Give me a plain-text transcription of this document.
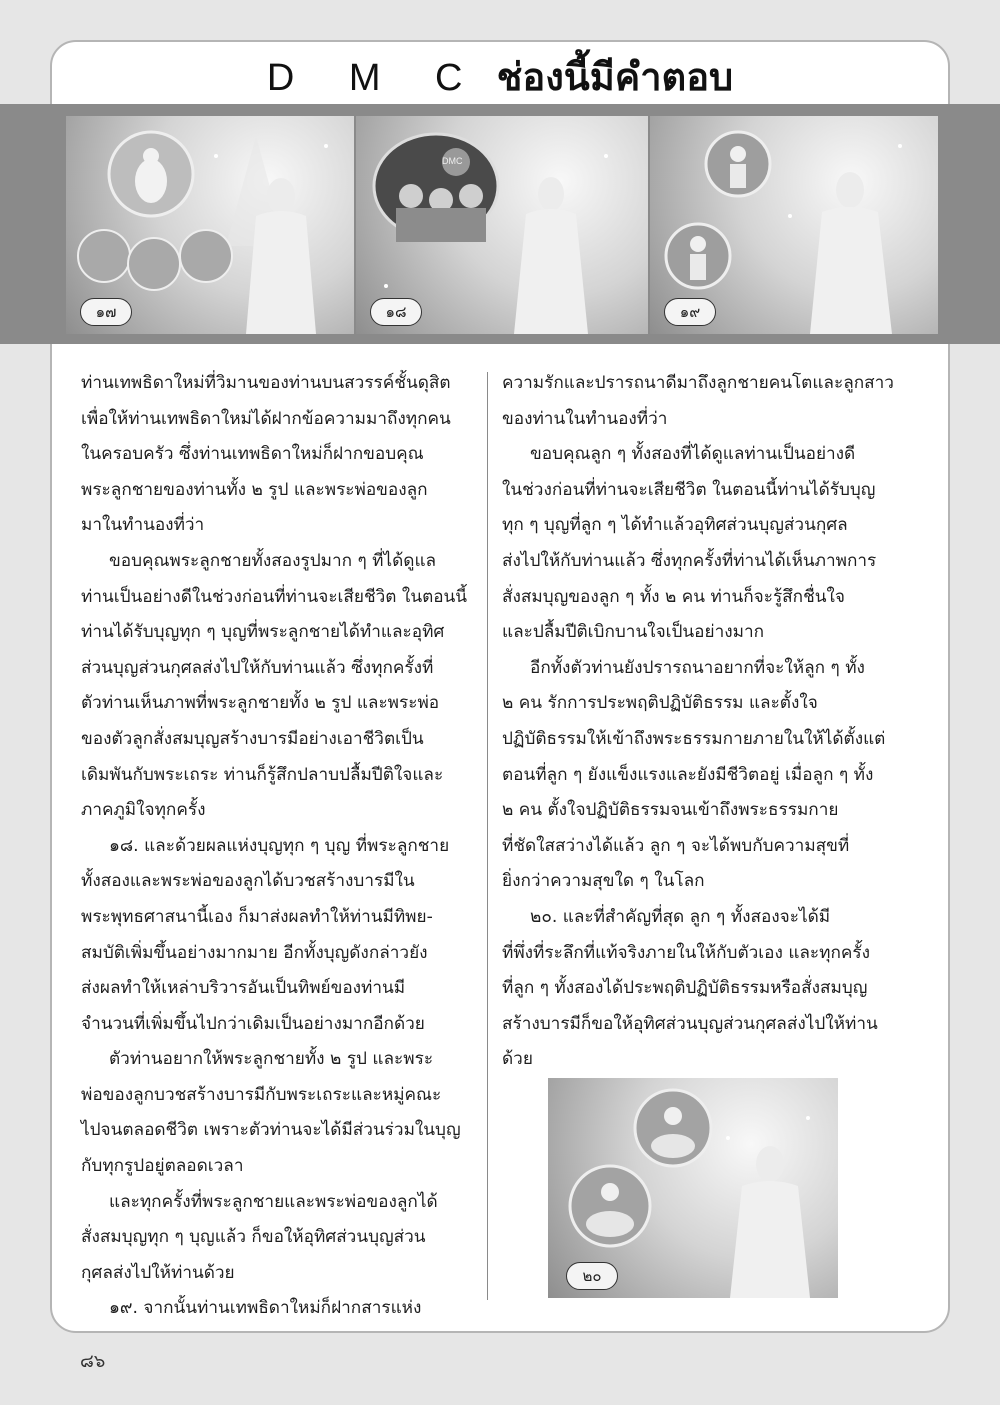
D M C ช่องนี้มีคำตอบ
๑๗
DMC
๑๘	๑๙

ท่านเทพธิดาใหม่ที่วิมานของท่านบนสวรรค์ชั้นดุสิต

เพื่อให้ท่านเทพธิดาใหม่ได้ฝากข้อความมาถึงทุกคน

ในครอบครัว ซึ่งท่านเทพธิดาใหม่ก็ฝากขอบคุณ

พระลูกชายของท่านทั้ง ๒ รูป และพระพ่อของลูก

มาในทำนองที่ว่า

ขอบคุณพระลูกชายทั้งสองรูปมาก ๆ ที่ได้ดูแล

ท่านเป็นอย่างดีในช่วงก่อนที่ท่านจะเสียชีวิต ในตอนนี้

ท่านได้รับบุญทุก ๆ บุญที่พระลูกชายได้ทำและอุทิศ

ส่วนบุญส่วนกุศลส่งไปให้กับท่านแล้ว ซึ่งทุกครั้งที่

ตัวท่านเห็นภาพที่พระลูกชายทั้ง ๒ รูป และพระพ่อ

ของตัวลูกสั่งสมบุญสร้างบารมีอย่างเอาชีวิตเป็น

เดิมพันกับพระเถระ ท่านก็รู้สึกปลาบปลื้มปีติใจและ

ภาคภูมิใจทุกครั้ง

๑๘. และด้วยผลแห่งบุญทุก ๆ บุญ ที่พระลูกชาย

ทั้งสองและพระพ่อของลูกได้บวชสร้างบารมีใน

พระพุทธศาสนานี้เอง ก็มาส่งผลทำให้ท่านมีทิพย-

สมบัติเพิ่มขึ้นอย่างมากมาย อีกทั้งบุญดังกล่าวยัง

ส่งผลทำให้เหล่าบริวารอันเป็นทิพย์ของท่านมี

จำนวนที่เพิ่มขึ้นไปกว่าเดิมเป็นอย่างมากอีกด้วย

ตัวท่านอยากให้พระลูกชายทั้ง ๒ รูป และพระ

พ่อของลูกบวชสร้างบารมีกับพระเถระและหมู่คณะ

ไปจนตลอดชีวิต เพราะตัวท่านจะได้มีส่วนร่วมในบุญ

กับทุกรูปอยู่ตลอดเวลา

และทุกครั้งที่พระลูกชายและพระพ่อของลูกได้

สั่งสมบุญทุก ๆ บุญแล้ว ก็ขอให้อุทิศส่วนบุญส่วน

กุศลส่งไปให้ท่านด้วย

๑๙. จากนั้นท่านเทพธิดาใหม่ก็ฝากสารแห่ง

ความรักและปรารถนาดีมาถึงลูกชายคนโตและลูกสาว

ของท่านในทำนองที่ว่า

ขอบคุณลูก ๆ ทั้งสองที่ได้ดูแลท่านเป็นอย่างดี

ในช่วงก่อนที่ท่านจะเสียชีวิต ในตอนนี้ท่านได้รับบุญ

ทุก ๆ บุญที่ลูก ๆ ได้ทำแล้วอุทิศส่วนบุญส่วนกุศล

ส่งไปให้กับท่านแล้ว ซึ่งทุกครั้งที่ท่านได้เห็นภาพการ

สั่งสมบุญของลูก ๆ ทั้ง ๒ คน ท่านก็จะรู้สึกชื่นใจ

และปลื้มปีติเบิกบานใจเป็นอย่างมาก

อีกทั้งตัวท่านยังปรารถนาอยากที่จะให้ลูก ๆ ทั้ง

๒ คน รักการประพฤติปฏิบัติธรรม และตั้งใจ

ปฏิบัติธรรมให้เข้าถึงพระธรรมกายภายในให้ได้ตั้งแต่

ตอนที่ลูก ๆ ยังแข็งแรงและยังมีชีวิตอยู่ เมื่อลูก ๆ ทั้ง

๒ คน ตั้งใจปฏิบัติธรรมจนเข้าถึงพระธรรมกาย

ที่ชัดใสสว่างได้แล้ว ลูก ๆ จะได้พบกับความสุขที่

ยิ่งกว่าความสุขใด ๆ ในโลก

๒๐. และที่สำคัญที่สุด ลูก ๆ ทั้งสองจะได้มี

ที่พึ่งที่ระลึกที่แท้จริงภายในให้กับตัวเอง และทุกครั้ง

ที่ลูก ๆ ทั้งสองได้ประพฤติปฏิบัติธรรมหรือสั่งสมบุญ

สร้างบารมีก็ขอให้อุทิศส่วนบุญส่วนกุศลส่งไปให้ท่าน

ด้วย

๒๐
๘๖
